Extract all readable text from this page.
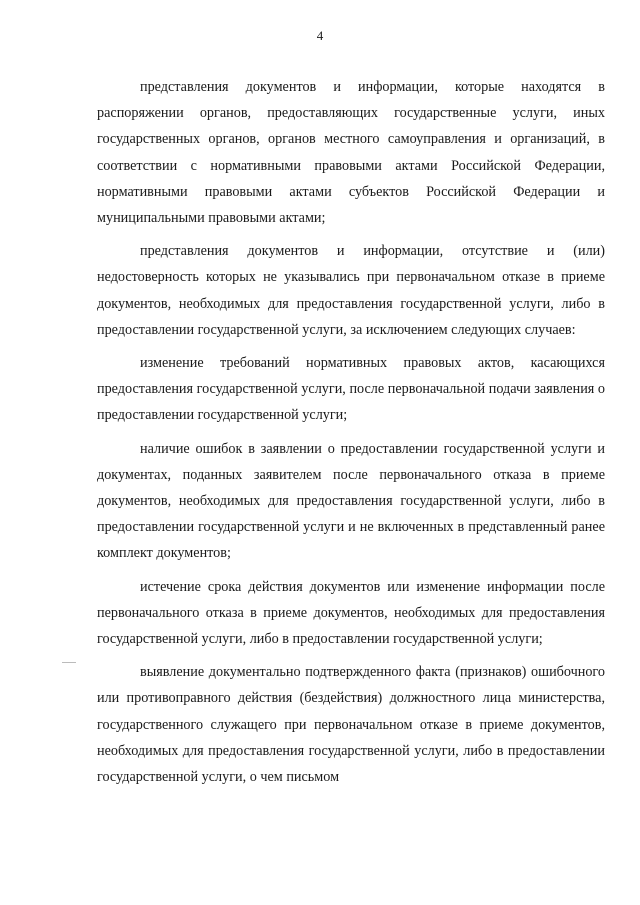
4

представления документов и информации, которые находятся в распоряжении органов, предоставляющих государственные услуги, иных государственных органов, органов местного самоуправления и организаций, в соответствии с нормативными правовыми актами Российской Федерации, нормативными правовыми актами субъектов Российской Федерации и муниципальными правовыми актами;

представления документов и информации, отсутствие и (или) недостоверность которых не указывались при первоначальном отказе в приеме документов, необходимых для предоставления государственной услуги, либо в предоставлении государственной услуги, за исключением следующих случаев:

изменение требований нормативных правовых актов, касающихся предоставления государственной услуги, после первоначальной подачи заявления о предоставлении государственной услуги;

наличие ошибок в заявлении о предоставлении государственной услуги и документах, поданных заявителем после первоначального отказа в приеме документов, необходимых для предоставления государственной услуги, либо в предоставлении государственной услуги и не включенных в представленный ранее комплект документов;

истечение срока действия документов или изменение информации после первоначального отказа в приеме документов, необходимых для предоставления государственной услуги, либо в предоставлении государственной услуги;

выявление документально подтвержденного факта (признаков) ошибочного или противоправного действия (бездействия) должностного лица министерства, государственного служащего при первоначальном отказе в приеме документов, необходимых для предоставления государственной услуги, либо в предоставлении государственной услуги, о чем письмом
